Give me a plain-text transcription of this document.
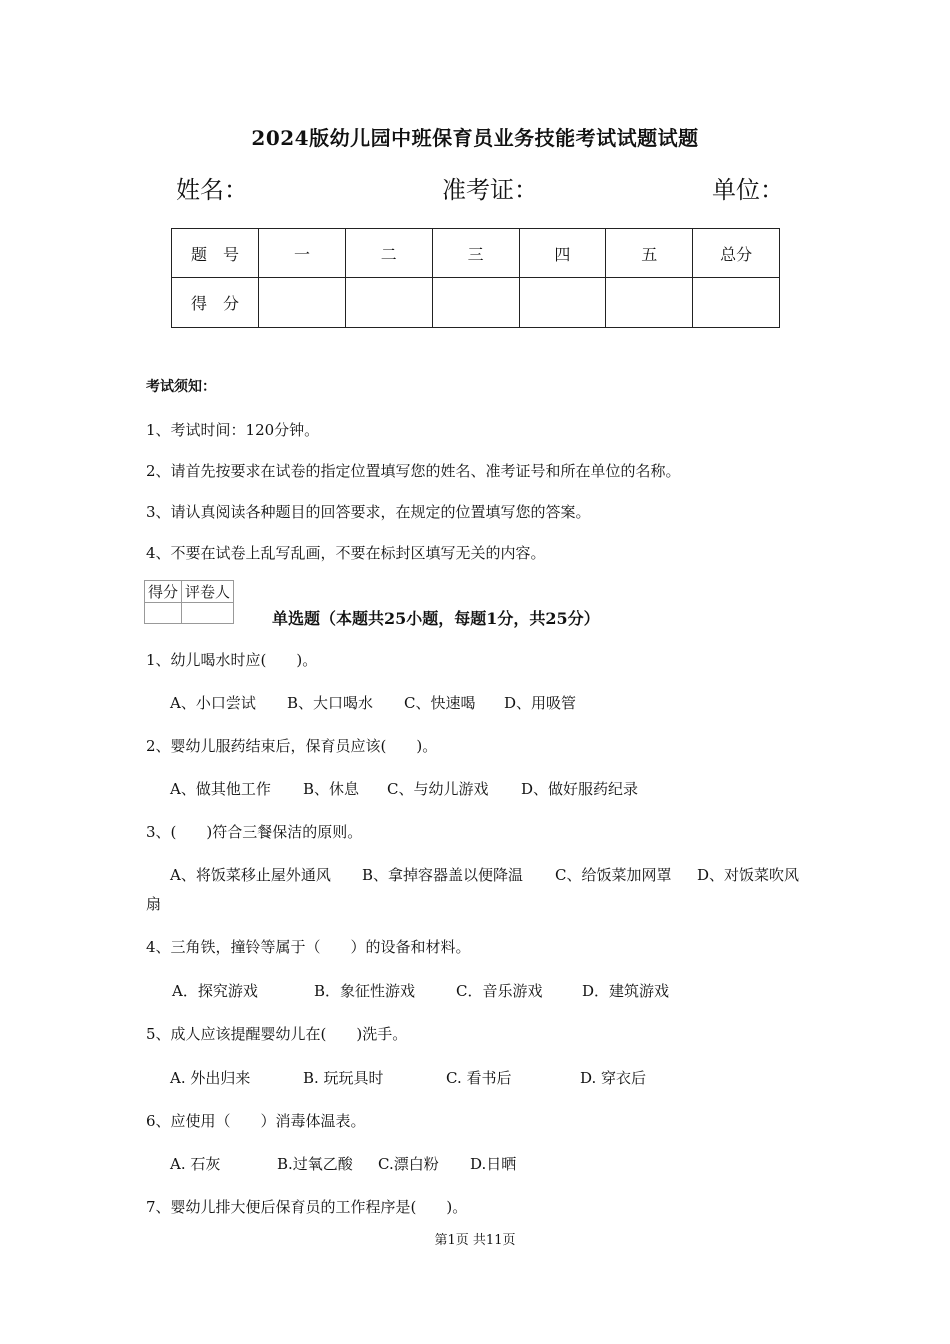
2024版幼儿园中班保育员业务技能考试试题试题
姓名：	准考证：	单位：
题　号	一	二	三	四	五	总分
得　分						
考试须知：
1、考试时间：120分钟。
2、请首先按要求在试卷的指定位置填写您的姓名、准考证号和所在单位的名称。
3、请认真阅读各种题目的回答要求，在规定的位置填写您的答案。
4、不要在试卷上乱写乱画，不要在标封区填写无关的内容。
得分	评卷人

单选题（本题共25小题，每题1分，共25分）
1、幼儿喝水时应(　　)。
A、小口尝试 B、大口喝水 C、快速喝 D、用吸管
2、婴幼儿服药结束后，保育员应该(　　)。
A、做其他工作 B、休息 C、与幼儿游戏 D、做好服药纪录
3、(　　)符合三餐保洁的原则。
A、将饭菜移止屋外通风 B、拿掉容器盖以便降温 C、给饭菜加网罩 D、对饭菜吹风
扇
4、三角铁，撞铃等属于（　　）的设备和材料。
A．探究游戏	B．象征性游戏	C．音乐游戏	D．建筑游戏
5、成人应该提醒婴幼儿在(　　)洗手。
A. 外出归来	B. 玩玩具时	C. 看书后	D. 穿衣后
6、应使用（　　）消毒体温表。
A. 石灰	B.过氧乙酸 C.漂白粉 D.日晒
7、婴幼儿排大便后保育员的工作程序是(　　)。
第1页 共11页
